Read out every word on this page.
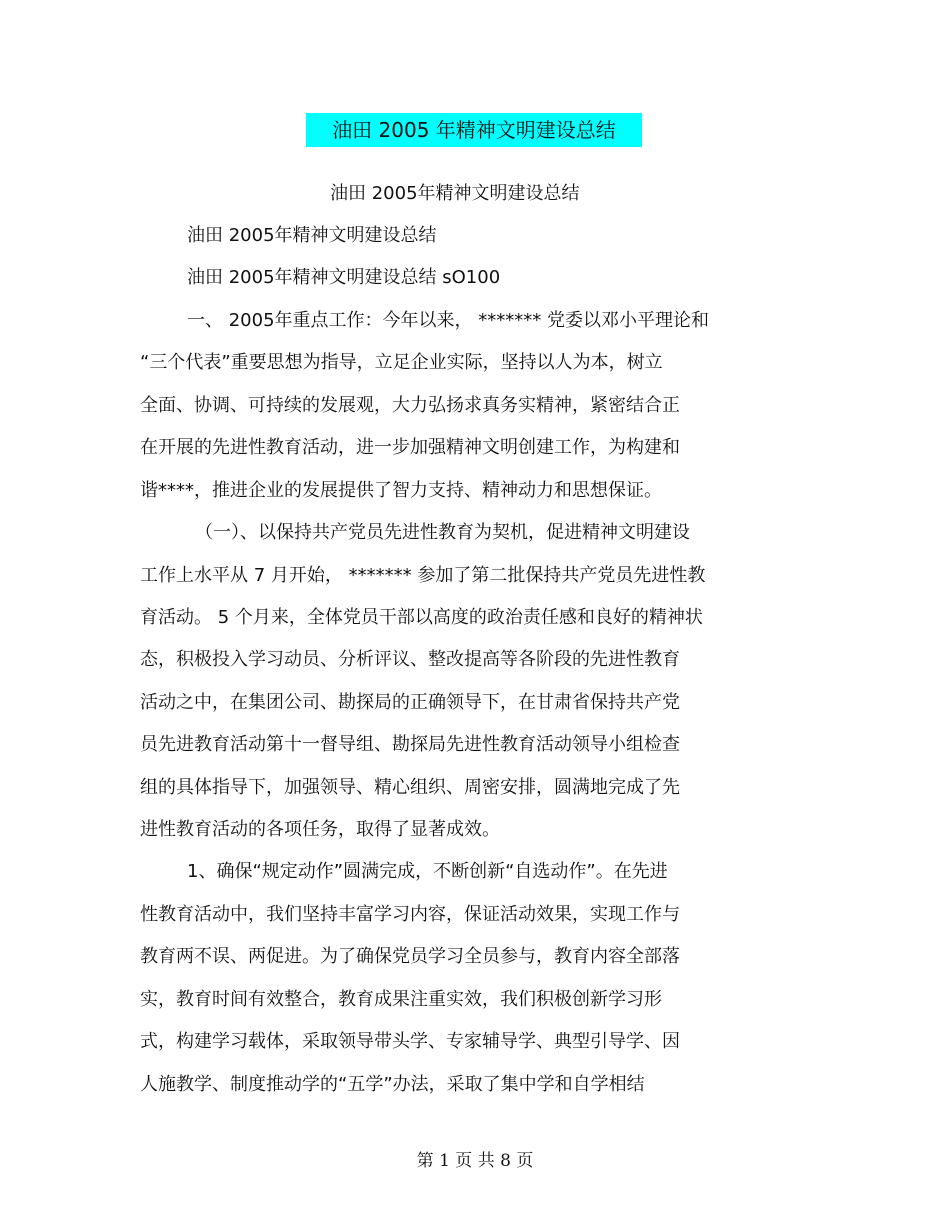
油田 2005 年精神文明建设总结
油田 2005年精神文明建设总结
油田 2005年精神文明建设总结
油田 2005年精神文明建设总结 sO100
一、 2005年重点工作：今年以来， ******* 党委以邓小平理论和
“三个代表”重要思想为指导，立足企业实际，坚持以人为本，树立
全面、协调、可持续的发展观，大力弘扬求真务实精神，紧密结合正
在开展的先进性教育活动，进一步加强精神文明创建工作，为构建和
谐****，推进企业的发展提供了智力支持、精神动力和思想保证。
（一）、以保持共产党员先进性教育为契机，促进精神文明建设
工作上水平从 7 月开始， ******* 参加了第二批保持共产党员先进性教
育活动。 5 个月来，全体党员干部以高度的政治责任感和良好的精神状
态，积极投入学习动员、分析评议、整改提高等各阶段的先进性教育
活动之中，在集团公司、勘探局的正确领导下，在甘肃省保持共产党
员先进教育活动第十一督导组、勘探局先进性教育活动领导小组检查
组的具体指导下，加强领导、精心组织、周密安排，圆满地完成了先
进性教育活动的各项任务，取得了显著成效。
1、确保“规定动作”圆满完成，不断创新“自选动作”。在先进
性教育活动中，我们坚持丰富学习内容，保证活动效果，实现工作与
教育两不误、两促进。为了确保党员学习全员参与，教育内容全部落
实，教育时间有效整合，教育成果注重实效，我们积极创新学习形
式，构建学习载体，采取领导带头学、专家辅导学、典型引导学、因
人施教学、制度推动学的“五学”办法，采取了集中学和自学相结
第 1 页 共 8 页
